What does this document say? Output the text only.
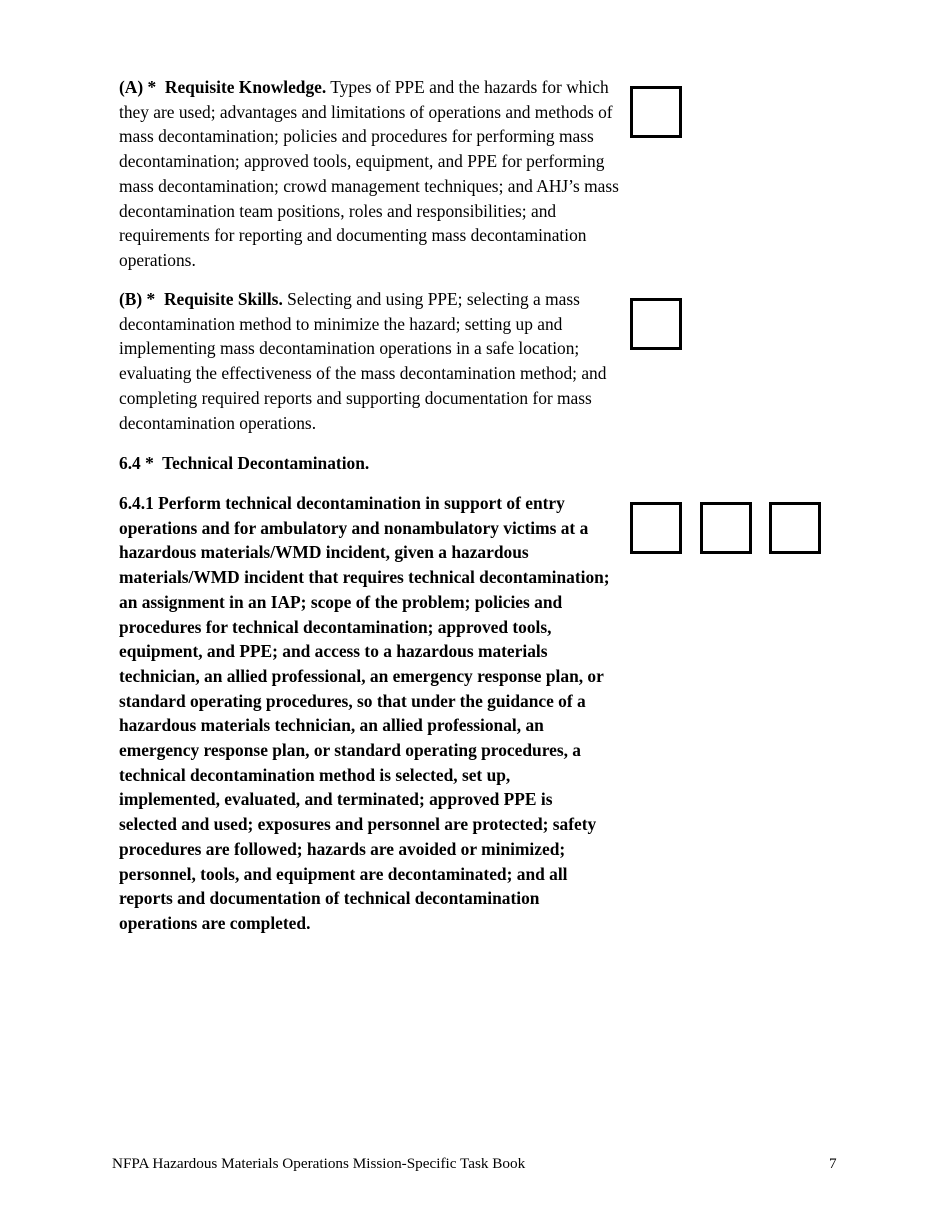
(A) * Requisite Knowledge. Types of PPE and the hazards for which they are used; advantages and limitations of operations and methods of mass decontamination; policies and procedures for performing mass decontamination; approved tools, equipment, and PPE for performing mass decontamination; crowd management techniques; and AHJ’s mass decontamination team positions, roles and responsibilities; and requirements for reporting and documenting mass decontamination operations.

(B) * Requisite Skills. Selecting and using PPE; selecting a mass decontamination method to minimize the hazard; setting up and implementing mass decontamination operations in a safe location; evaluating the effectiveness of the mass decontamination method; and completing required reports and supporting documentation for mass decontamination operations.

6.4 *  Technical Decontamination.

6.4.1 Perform technical decontamination in support of entry operations and for ambulatory and nonambulatory victims at a hazardous materials/WMD incident, given a hazardous materials/WMD incident that requires technical decontamination; an assignment in an IAP; scope of the problem; policies and procedures for technical decontamination; approved tools, equipment, and PPE; and access to a hazardous materials technician, an allied professional, an emergency response plan, or standard operating procedures, so that under the guidance of a hazardous materials technician, an allied professional, an emergency response plan, or standard operating procedures, a technical decontamination method is selected, set up, implemented, evaluated, and terminated; approved PPE is selected and used; exposures and personnel are protected; safety procedures are followed; hazards are avoided or minimized; personnel, tools, and equipment are decontaminated; and all reports and documentation of technical decontamination operations are completed.

NFPA Hazardous Materials Operations Mission-Specific Task Book	7
